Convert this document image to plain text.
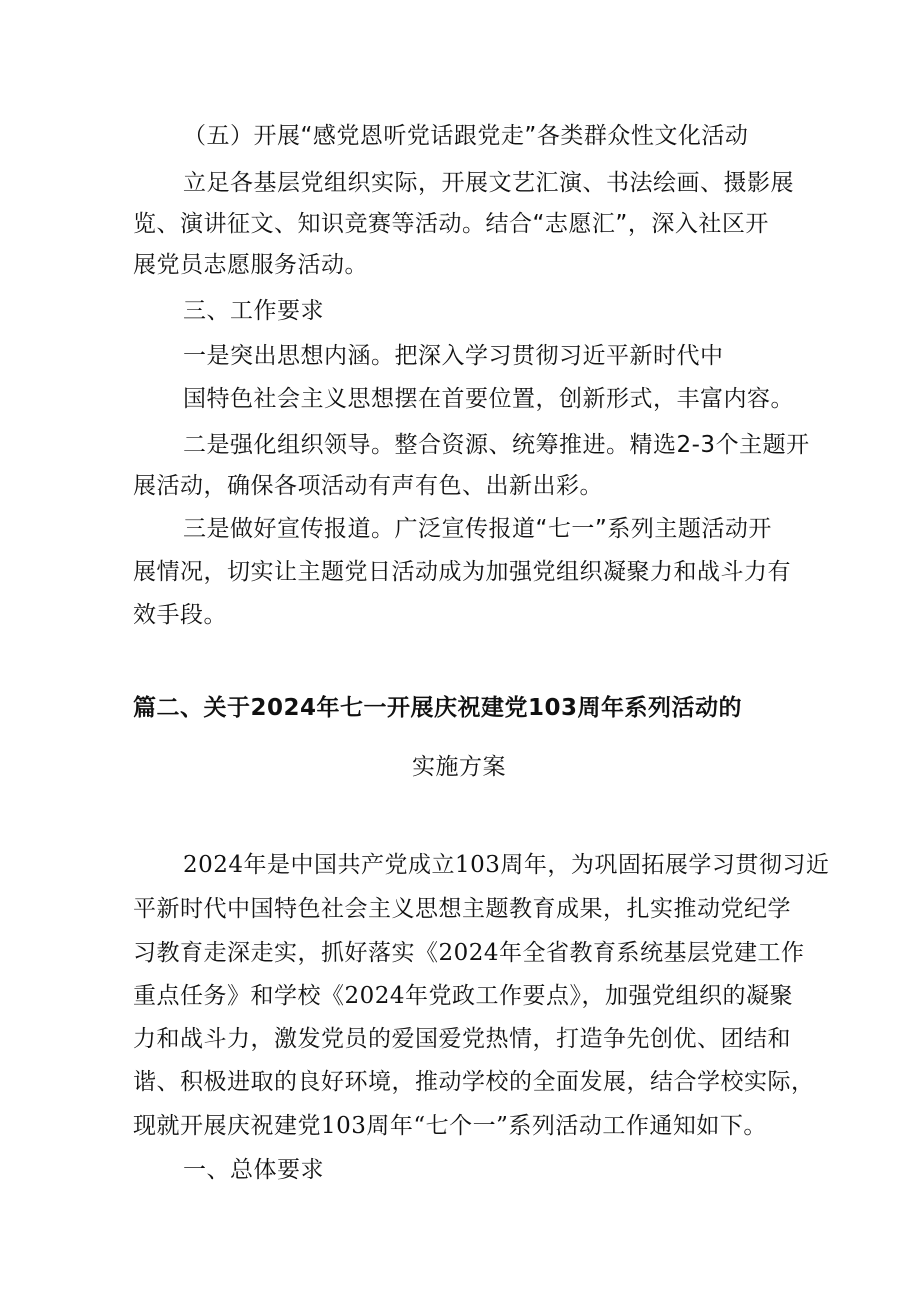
（五）开展“感党恩听党话跟党走”各类群众性文化活动
立足各基层党组织实际，开展文艺汇演、书法绘画、摄影展
览、演讲征文、知识竞赛等活动。结合“志愿汇”，深入社区开
展党员志愿服务活动。
三、工作要求
一是突出思想内涵。把深入学习贯彻习近平新时代中
国特色社会主义思想摆在首要位置，创新形式，丰富内容。
二是强化组织领导。整合资源、统筹推进。精选2-3个主题开
展活动，确保各项活动有声有色、出新出彩。
三是做好宣传报道。广泛宣传报道“七一”系列主题活动开
展情况，切实让主题党日活动成为加强党组织凝聚力和战斗力有
效手段。
篇二、关于2024年七一开展庆祝建党103周年系列活动的
实施方案
2024年是中国共产党成立103周年，为巩固拓展学习贯彻习近
平新时代中国特色社会主义思想主题教育成果，扎实推动党纪学
习教育走深走实，抓好落实《2024年全省教育系统基层党建工作
重点任务》和学校《2024年党政工作要点》，加强党组织的凝聚
力和战斗力，激发党员的爱国爱党热情，打造争先创优、团结和
谐、积极进取的良好环境，推动学校的全面发展，结合学校实际，
现就开展庆祝建党103周年“七个一”系列活动工作通知如下。
一、总体要求
